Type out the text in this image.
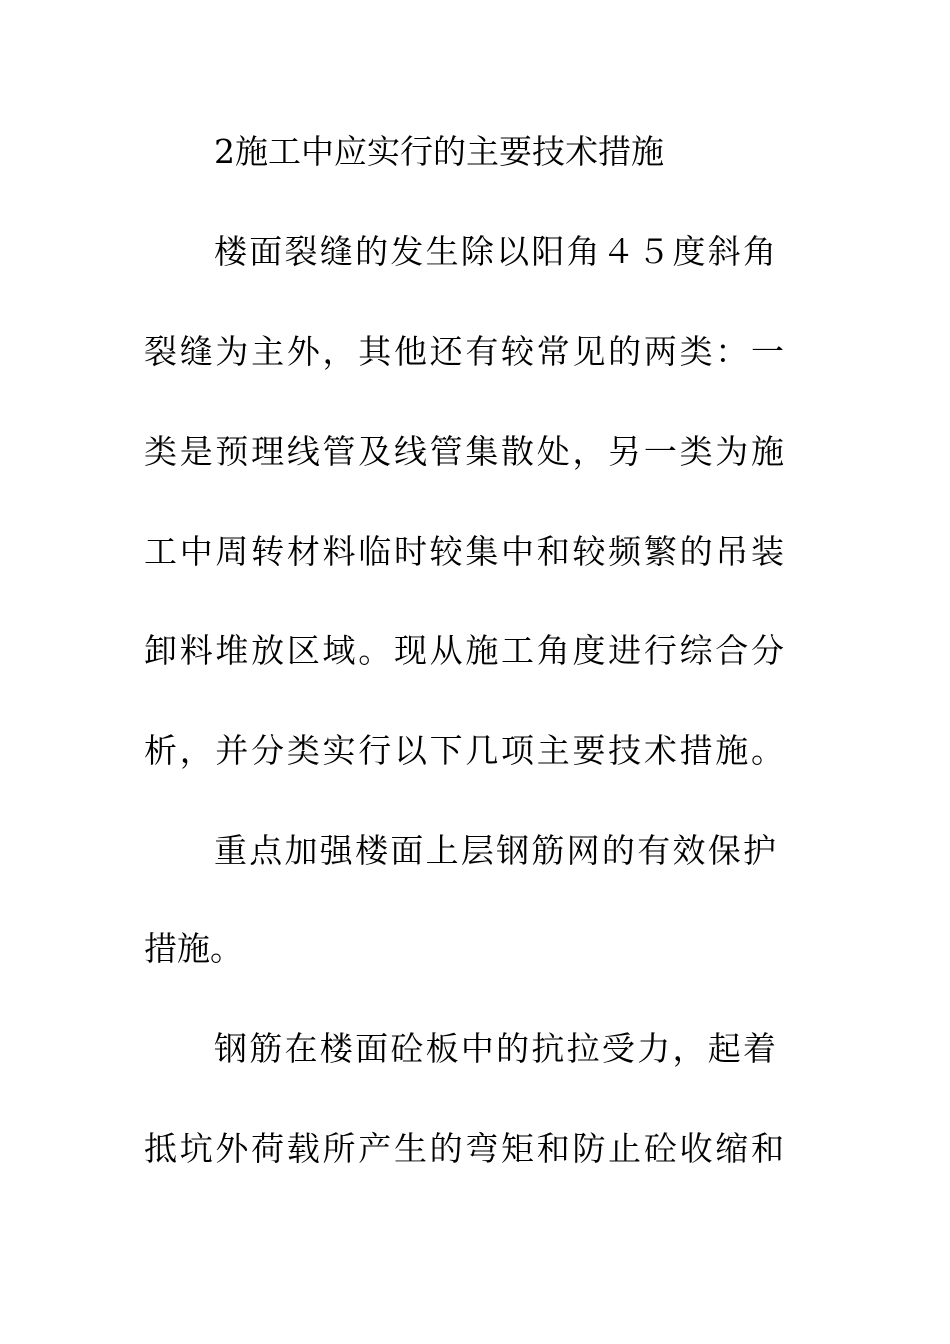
2施工中应实行的主要技术措施
楼面裂缝的发生除以阳角４５度斜角
裂缝为主外，其他还有较常见的两类：一
类是预理线管及线管集散处，另一类为施
工中周转材料临时较集中和较频繁的吊装
卸料堆放区域。现从施工角度进行综合分
析，并分类实行以下几项主要技术措施。
重点加强楼面上层钢筋网的有效保护
措施。
钢筋在楼面砼板中的抗拉受力，起着
抵坑外荷载所产生的弯矩和防止砼收缩和
